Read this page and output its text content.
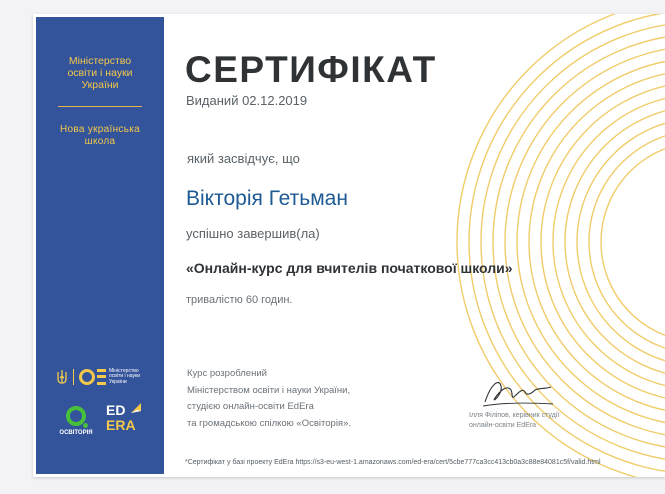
Міністерство
освіти і науки
України
Нова українська
школа
Міністерство
освіти і науки
України
ОСВІТОРІЯ
ED
ERA
СЕРТИФІКАТ
Виданий 02.12.2019
який засвідчує, що
Вікторія Гетьман
успішно завершив(ла)
«Онлайн-курс для вчителів початкової школи»
тривалістю 60 годин.
Курс розроблений
Міністерством освіти і науки України,
студією онлайн-освіти EdEra
та громадською спілкою «Освіторія».
Ілля Філіпов, керівник студії
онлайн-освіти EdEra
*Сертифікат у базі проекту EdEra https://s3-eu-west-1.amazonaws.com/ed-era/cert/5cbe777ca3cc413cb0a3c88e84081c5f/valid.html
